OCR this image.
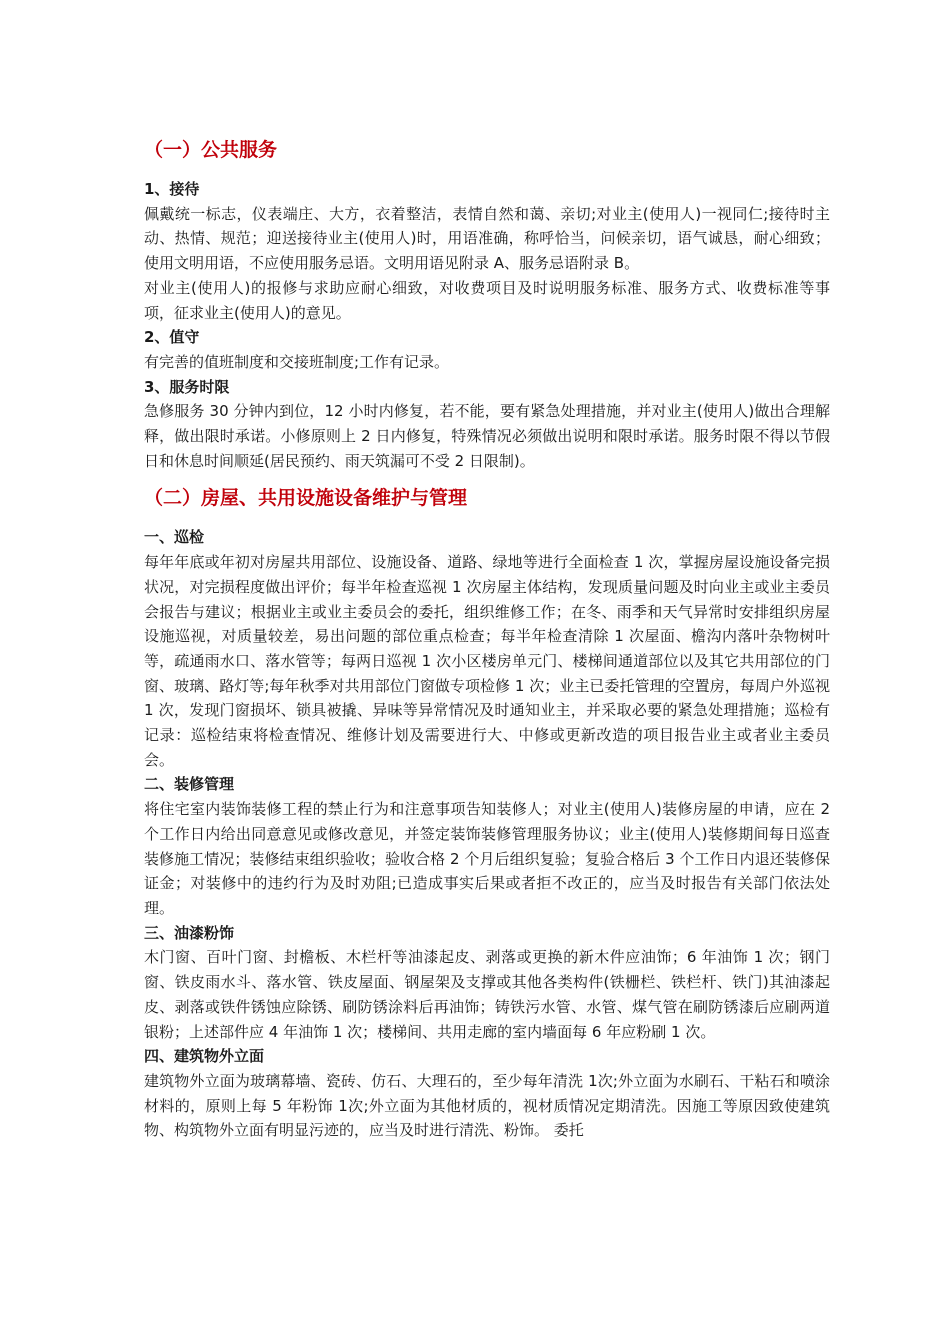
（一）公共服务
1、接待

佩戴统一标志，仪表端庄、大方，衣着整洁，表情自然和蔼、亲切;对业主(使用人)一视同仁;接待时主动、热情、规范；迎送接待业主(使用人)时，用语准确，称呼恰当，问候亲切，语气诚恳，耐心细致；使用文明用语，不应使用服务忌语。文明用语见附录 A、服务忌语附录 B。

对业主(使用人)的报修与求助应耐心细致，对收费项目及时说明服务标准、服务方式、收费标准等事项，征求业主(使用人)的意见。

2、值守

有完善的值班制度和交接班制度;工作有记录。

3、服务时限

急修服务 30 分钟内到位，12 小时内修复，若不能，要有紧急处理措施，并对业主(使用人)做出合理解释，做出限时承诺。小修原则上 2 日内修复，特殊情况必须做出说明和限时承诺。服务时限不得以节假日和休息时间顺延(居民预约、雨天筑漏可不受 2 日限制)。

（二）房屋、共用设施设备维护与管理
一、巡检

每年年底或年初对房屋共用部位、设施设备、道路、绿地等进行全面检查 1 次，掌握房屋设施设备完损状况，对完损程度做出评价；每半年检查巡视 1 次房屋主体结构，发现质量问题及时向业主或业主委员会报告与建议；根据业主或业主委员会的委托，组织维修工作；在冬、雨季和天气异常时安排组织房屋设施巡视，对质量较差，易出问题的部位重点检查；每半年检查清除 1 次屋面、檐沟内落叶杂物树叶等，疏通雨水口、落水管等；每两日巡视 1 次小区楼房单元门、楼梯间通道部位以及其它共用部位的门窗、玻璃、路灯等;每年秋季对共用部位门窗做专项检修 1 次；业主已委托管理的空置房，每周户外巡视 1 次，发现门窗损坏、锁具被撬、异味等异常情况及时通知业主，并采取必要的紧急处理措施；巡检有记录：巡检结束将检查情况、维修计划及需要进行大、中修或更新改造的项目报告业主或者业主委员会。

二、装修管理

将住宅室内装饰装修工程的禁止行为和注意事项告知装修人；对业主(使用人)装修房屋的申请，应在 2 个工作日内给出同意意见或修改意见，并签定装饰装修管理服务协议；业主(使用人)装修期间每日巡查装修施工情况；装修结束组织验收；验收合格 2 个月后组织复验；复验合格后 3 个工作日内退还装修保证金；对装修中的违约行为及时劝阻;已造成事实后果或者拒不改正的，应当及时报告有关部门依法处理。

三、油漆粉饰

木门窗、百叶门窗、封檐板、木栏杆等油漆起皮、剥落或更换的新木件应油饰；6 年油饰 1 次；钢门窗、铁皮雨水斗、落水管、铁皮屋面、钢屋架及支撑或其他各类构件(铁栅栏、铁栏杆、铁门)其油漆起皮、剥落或铁件锈蚀应除锈、刷防锈涂料后再油饰；铸铁污水管、水管、煤气管在刷防锈漆后应刷两道银粉；上述部件应 4 年油饰 1 次；楼梯间、共用走廊的室内墙面每 6 年应粉刷 1 次。

四、建筑物外立面

建筑物外立面为玻璃幕墙、瓷砖、仿石、大理石的，至少每年清洗 1次;外立面为水刷石、干粘石和喷涂材料的，原则上每 5 年粉饰 1次;外立面为其他材质的，视材质情况定期清洗。因施工等原因致使建筑物、构筑物外立面有明显污迹的，应当及时进行清洗、粉饰。 委托
